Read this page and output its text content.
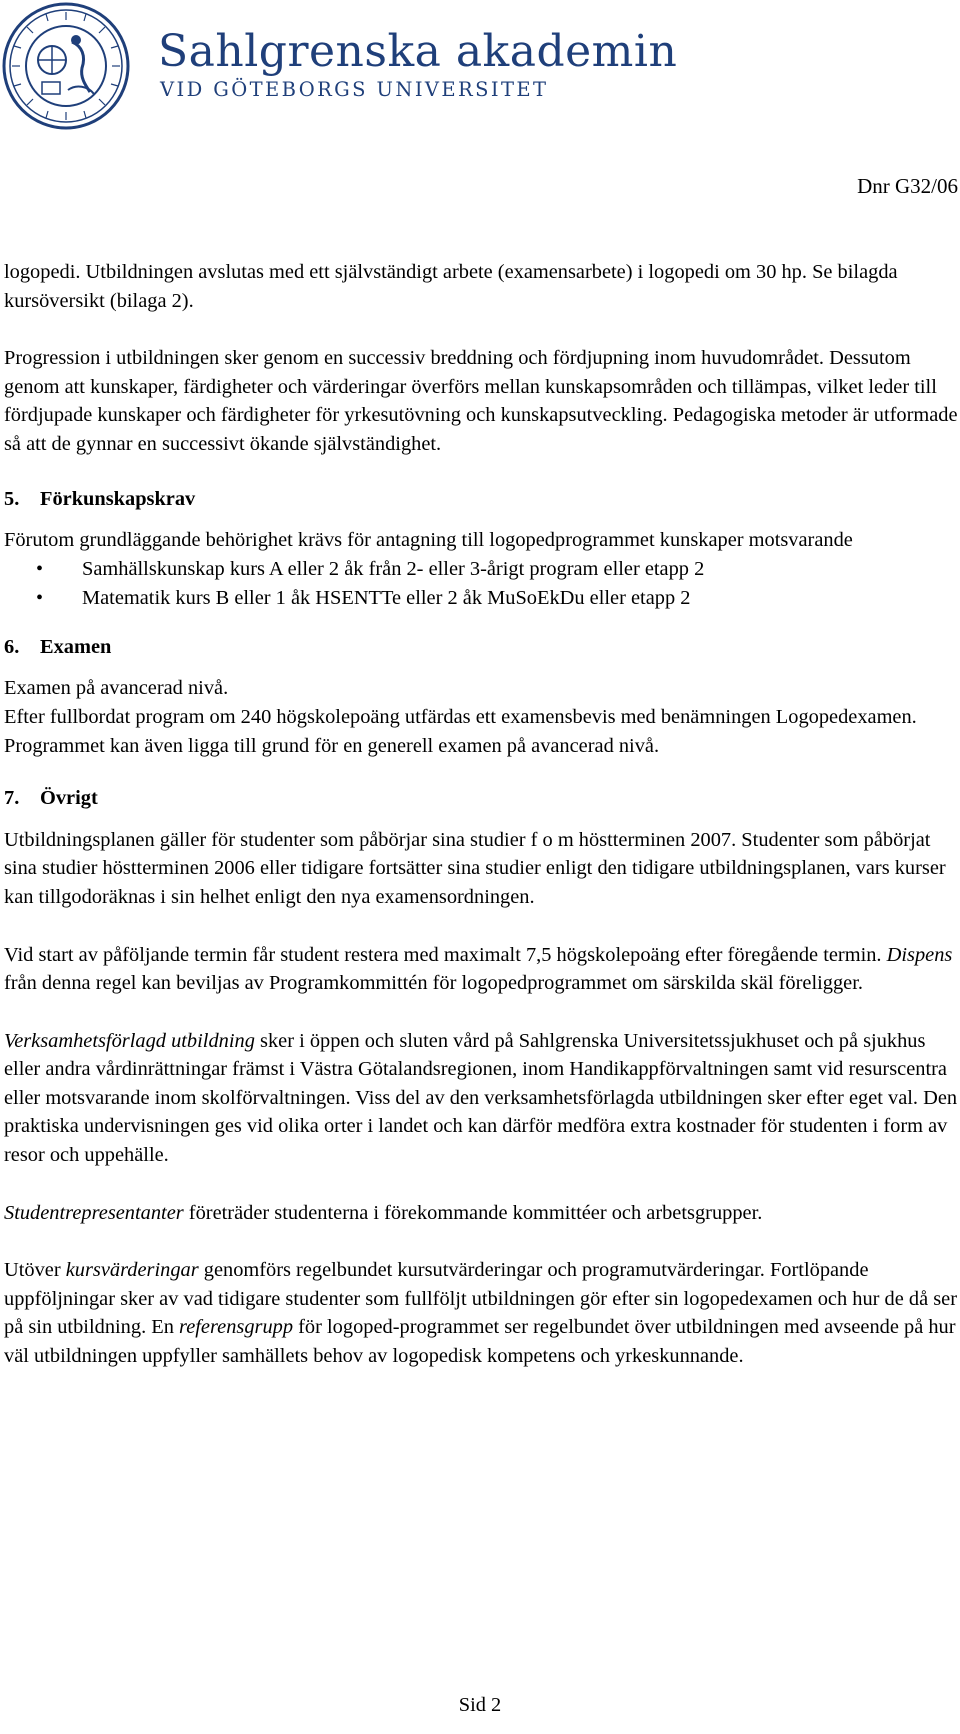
Sahlgrenska akademin
VID GÖTEBORGS UNIVERSITET
Dnr G32/06

logopedi. Utbildningen avslutas med ett självständigt arbete (examensarbete) i logopedi om 30 hp. Se bilagda kursöversikt (bilaga 2).

Progression i utbildningen sker genom en successiv breddning och fördjupning inom huvudområdet. Dessutom genom att kunskaper, färdigheter och värderingar överförs mellan kunskapsområden och tillämpas, vilket leder till fördjupade kunskaper och färdigheter för yrkesutövning och kunskapsutveckling. Pedagogiska metoder är utformade så att de gynnar en successivt ökande självständighet.

5. Förkunskapskrav

Förutom grundläggande behörighet krävs för antagning till logopedprogrammet kunskaper motsvarande

• Samhällskunskap kurs A eller 2 åk från 2- eller 3-årigt program eller etapp 2
• Matematik kurs B eller 1 åk HSENTTe eller 2 åk MuSoEkDu eller etapp 2
6. Examen

Examen på avancerad nivå.

Efter fullbordat program om 240 högskolepoäng utfärdas ett examensbevis med benämningen Logopedexamen. Programmet kan även ligga till grund för en generell examen på avancerad nivå.

7. Övrigt

Utbildningsplanen gäller för studenter som påbörjar sina studier f o m höstterminen 2007. Studenter som påbörjat sina studier höstterminen 2006 eller tidigare fortsätter sina studier enligt den tidigare utbildningsplanen, vars kurser kan tillgodoräknas i sin helhet enligt den nya examensordningen.

Vid start av påföljande termin får student restera med maximalt 7,5 högskolepoäng efter föregående termin. Dispens från denna regel kan beviljas av Programkommittén för logopedprogrammet om särskilda skäl föreligger.

Verksamhetsförlagd utbildning sker i öppen och sluten vård på Sahlgrenska Universitetssjukhuset och på sjukhus eller andra vårdinrättningar främst i Västra Götalandsregionen, inom Handikappförvaltningen samt vid resurscentra eller motsvarande inom skolförvaltningen. Viss del av den verksamhetsförlagda utbildningen sker efter eget val. Den praktiska undervisningen ges vid olika orter i landet och kan därför medföra extra kostnader för studenten i form av resor och uppehälle.

Studentrepresentanter företräder studenterna i förekommande kommittéer och arbetsgrupper.

Utöver kursvärderingar genomförs regelbundet kursutvärderingar och programutvärderingar. Fortlöpande uppföljningar sker av vad tidigare studenter som fullföljt utbildningen gör efter sin logopedexamen och hur de då ser på sin utbildning. En referensgrupp för logoped-programmet ser regelbundet över utbildningen med avseende på hur väl utbildningen uppfyller samhällets behov av logopedisk kompetens och yrkeskunnande.

Sid 2
